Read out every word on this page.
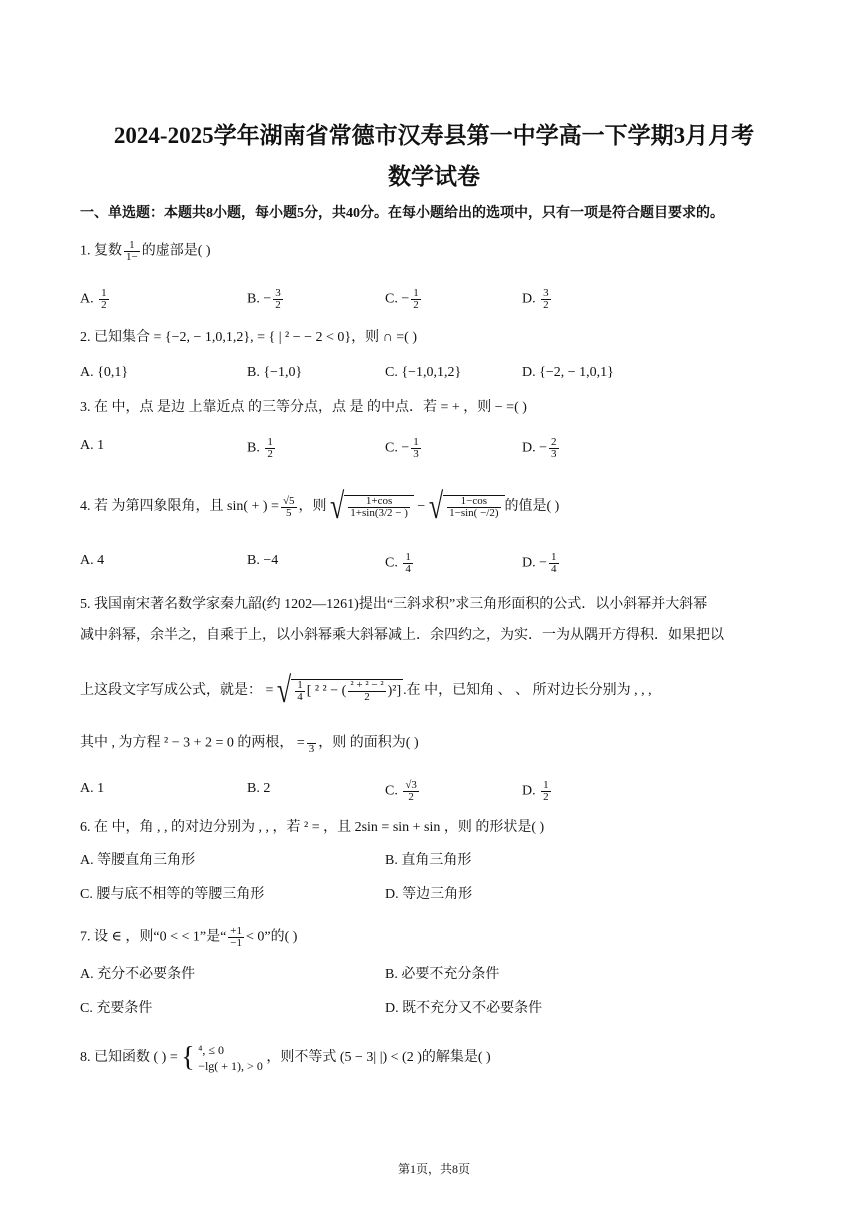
2024-2025学年湖南省常德市汉寿县第一中学高一下学期3月月考
数学试卷
一、单选题：本题共8小题，每小题5分，共40分。在每小题给出的选项中，只有一项是符合题目要求的。
1. 复数 $\frac{1}{1-}$ 的虚部是( )
A. $\frac{1}{2}$	B. − $\frac{3}{2}$	C. − $\frac{1}{2}$	D. $\frac{3}{2}$
2. 已知集合 = {−2, − 1,0,1,2}, = { | ² − − 2 < 0}，则 ∩ =( )
A. {0,1}	B. {−1,0}	C. {−1,0,1,2}	D. {−2, − 1,0,1}
3. 在 中，点 是边 上靠近点 的三等分点，点 是 的中点．若 = + ，则 − =( )
A. 1	B. $\frac{1}{2}$	C. − $\frac{1}{3}$	D. − $\frac{2}{3}$
4. 若 为第四象限角，且 sin( + ) = $\frac{√5}{5}$ ，则 √ $\frac{1+\cos}{1+\sin(3/2 - )}$ − √ $\frac{1-\cos}{1-\sin( -/2)}$ 的值是( )
A. 4	B. −4	C. $\frac{1}{4}$	D. − $\frac{1}{4}$
5. 我国南宋著名数学家秦九韶(约 1202—1261)提出“三斜求积”求三角形面积的公式．以小斜幂并大斜幂
减中斜幂，余半之，自乘于上，以小斜幂乘大斜幂减上．余四约之，为实．一为从隅开方得积．如果把以
上这段文字写成公式，就是： = √ $\frac{1}{4}$ [ ² ² − ( $\frac{\text{² + ² − ²}}{2} )^2$] .在 中，已知角 、 、 所对边长分别为 , , ,
其中 , 为方程 ² − 3 + 2 = 0 的两根， =
3 ，则 的面积为( )
A. 1	B. 2	C. $\frac{√3}{2}$	D. $\frac{1}{2}$
6. 在 中，角 , , 的对边分别为 , , ，若 ² = ，且 2sin = sin + sin ，则 的形状是( )
A. 等腰直角三角形	B. 直角三角形
C. 腰与底不相等的等腰三角形	D. 等边三角形
7. 设 ∈ ，则“0 < < 1”是“ $\frac{+1}{-1} < 0$”的( )
A. 充分不必要条件	B. 必要不充分条件
C. 充要条件	D. 既不充分又不必要条件
8. 已知函数 ( ) = { ⁴, ≤ 0
−lg( + 1), > 0
，则不等式 (5 − 3| |) < (2 )的解集是( )
第1页，共8页
